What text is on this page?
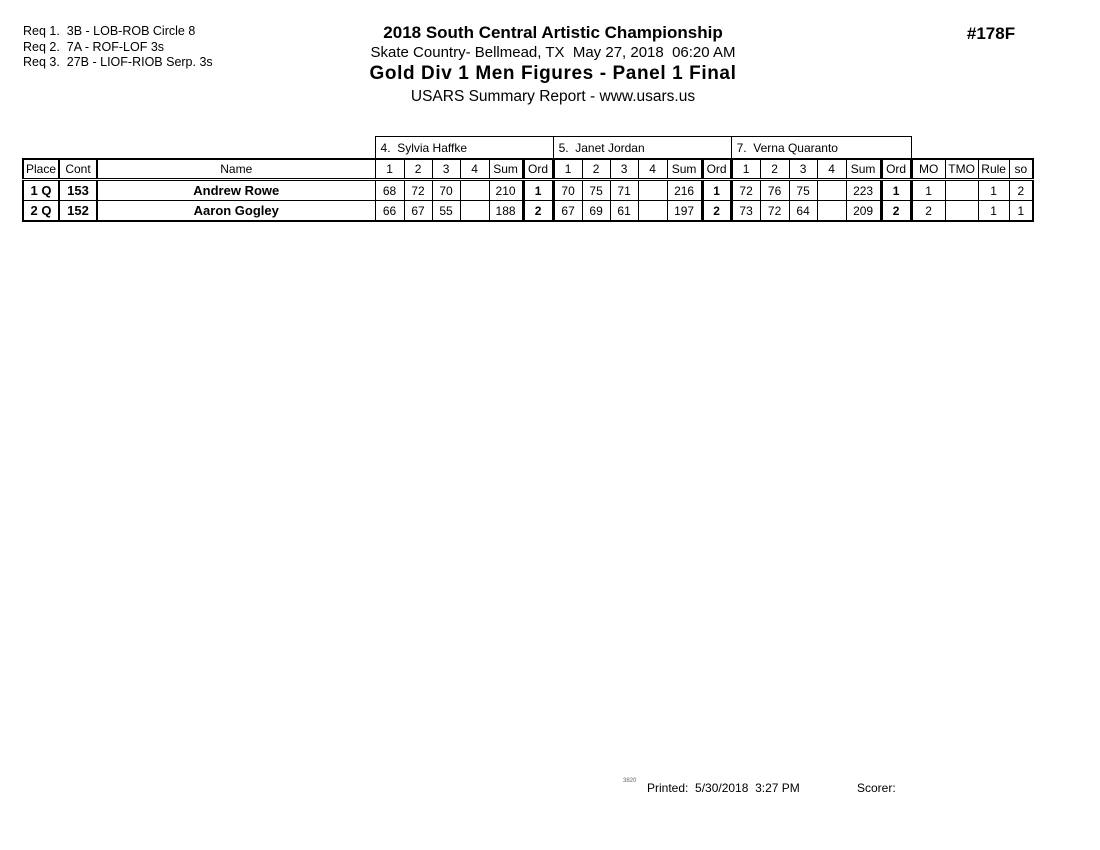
Req 1.  3B - LOB-ROB Circle 8
Req 2.  7A - ROF-LOF 3s
Req 3.  27B - LIOF-RIOB Serp. 3s
2018 South Central Artistic Championship
Skate Country- Bellmead, TX  May 27, 2018  06:20 AM
Gold Div 1 Men Figures - Panel 1 Final
USARS Summary Report - www.usars.us
#178F
			4.  Sylvia Haffke						5.  Janet Jordan						7.  Verna Quaranto									
Place	Cont	Name	1	2	3	4	Sum	Ord	1	2	3	4	Sum	Ord	1	2	3	4	Sum	Ord	MO	TMO	Rule	so
1 Q	153	Andrew Rowe	68	72	70		210	1	70	75	71		216	1	72	76	75		223	1	1		1	2
2 Q	152	Aaron Gogley	66	67	55		188	2	67	69	61		197	2	73	72	64		209	2	2		1	1
3820 Printed:  5/30/2018  3:27 PM	Scorer:
